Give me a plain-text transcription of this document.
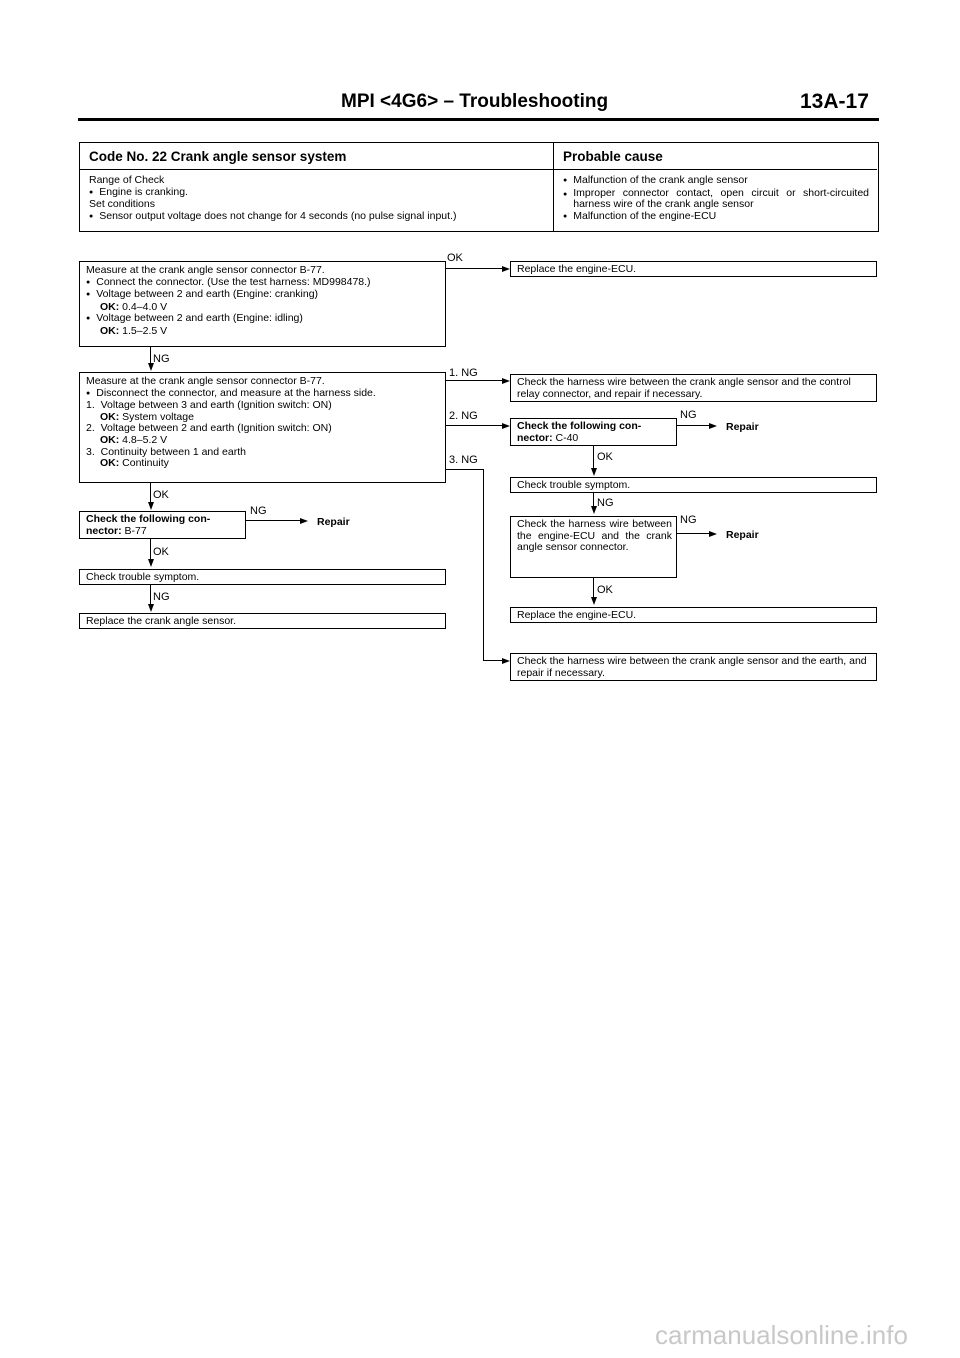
MPI <4G6> – Troubleshooting	13A-17
Code No. 22 Crank angle sensor system	Probable cause
Range of Check
● Engine is cranking.
Set conditions
● Sensor output voltage does not change for 4 seconds (no pulse signal input.)
● Malfunction of the crank angle sensor
● Improper connector contact, open circuit or short-circuited harness wire of the crank angle sensor
● Malfunction of the engine-ECU
Measure at the crank angle sensor connector B-77.
● Connect the connector. (Use the test harness: MD998478.)
● Voltage between 2 and earth (Engine: cranking)
OK: 0.4–4.0 V
● Voltage between 2 and earth (Engine: idling)
OK: 1.5–2.5 V
OK
Replace the engine-ECU.
NG
Measure at the crank angle sensor connector B-77.
● Disconnect the connector, and measure at the harness side.
1. Voltage between 3 and earth (Ignition switch: ON)
OK: System voltage
2. Voltage between 2 and earth (Ignition switch: ON)
OK: 4.8–5.2 V
3. Continuity between 1 and earth
OK: Continuity
1. NG
Check the harness wire between the crank angle sensor and the control relay connector, and repair if necessary.
2. NG
Check the following con-nector: C-40
NG
Repair
OK
Check trouble symptom.
NG
Check the harness wire between the engine-ECU and the crank angle sensor connector.
NG
Repair
OK
Replace the engine-ECU.
3. NG
Check the harness wire between the crank angle sensor and the earth, and repair if necessary.
OK
Check the following con-nector: B-77
NG
Repair
OK
Check trouble symptom.
NG
Replace the crank angle sensor.
carmanualsonline.info
